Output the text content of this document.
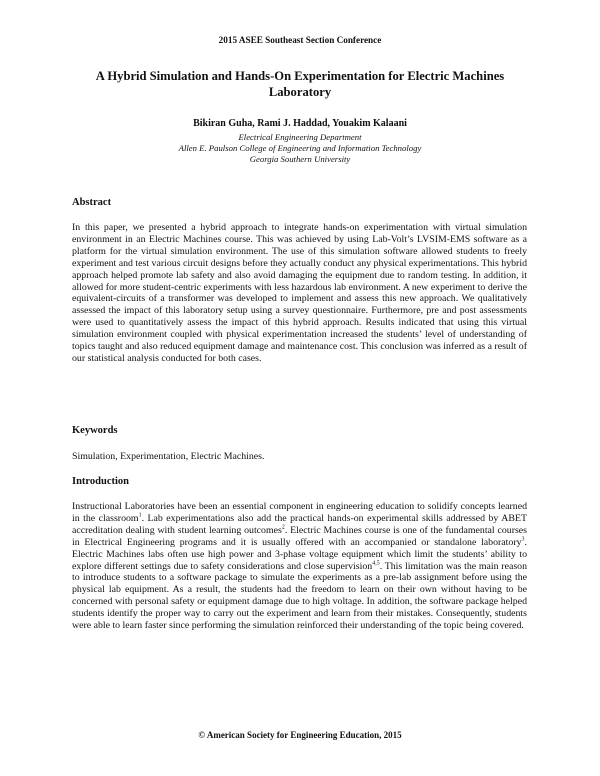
2015 ASEE Southeast Section Conference
A Hybrid Simulation and Hands-On Experimentation for Electric Machines Laboratory
Bikiran Guha, Rami J. Haddad, Youakim Kalaani
Electrical Engineering Department
Allen E. Paulson College of Engineering and Information Technology
Georgia Southern University
Abstract

In this paper, we presented a hybrid approach to integrate hands-on experimentation with virtual simulation environment in an Electric Machines course. This was achieved by using Lab-Volt’s LVSIM-EMS software as a platform for the virtual simulation environment. The use of this simulation software allowed students to freely experiment and test various circuit designs before they actually conduct any physical experimentations. This hybrid approach helped promote lab safety and also avoid damaging the equipment due to random testing. In addition, it allowed for more student-centric experiments with less hazardous lab environment. A new experiment to derive the equivalent-circuits of a transformer was developed to implement and assess this new approach. We qualitatively assessed the impact of this laboratory setup using a survey questionnaire. Furthermore, pre and post assessments were used to quantitatively assess the impact of this hybrid approach. Results indicated that using this virtual simulation environment coupled with physical experimentation increased the students’ level of understanding of topics taught and also reduced equipment damage and maintenance cost. This conclusion was inferred as a result of our statistical analysis conducted for both cases.

Keywords

Simulation, Experimentation, Electric Machines.

Introduction

Instructional Laboratories have been an essential component in engineering education to solidify concepts learned in the classroom$^1$. Lab experimentations also add the practical hands-on experimental skills addressed by ABET accreditation dealing with student learning outcomes$^2$. Electric Machines course is one of the fundamental courses in Electrical Engineering programs and it is usually offered with an accompanied or standalone laboratory$^3$. Electric Machines labs often use high power and 3-phase voltage equipment which limit the students’ ability to explore different settings due to safety considerations and close supervision$^{4,5}$. This limitation was the main reason to introduce students to a software package to simulate the experiments as a pre-lab assignment before using the physical lab equipment. As a result, the students had the freedom to learn on their own without having to be concerned with personal safety or equipment damage due to high voltage. In addition, the software package helped students identify the proper way to carry out the experiment and learn from their mistakes. Consequently, students were able to learn faster since performing the simulation reinforced their understanding of the topic being covered.

© American Society for Engineering Education, 2015
